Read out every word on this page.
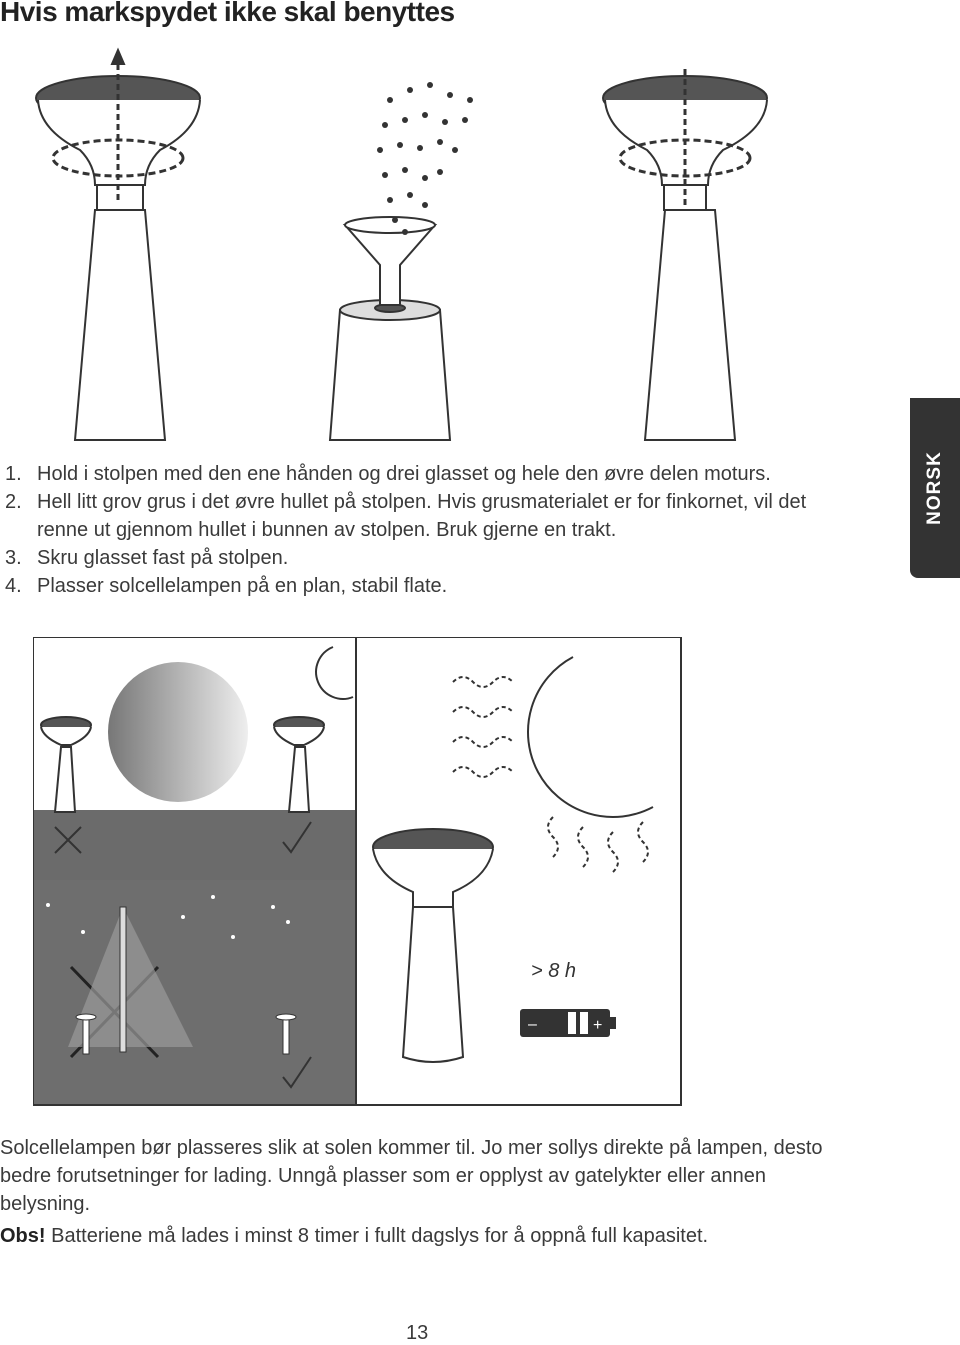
Hvis markspydet ikke skal benyttes
1. Hold i stolpen med den ene hånden og drei glasset og hele den øvre delen moturs.
2. Hell litt grov grus i det øvre hullet på stolpen. Hvis grusmaterialet er for finkornet, vil det renne ut gjennom hullet i bunnen av stolpen. Bruk gjerne en trakt.
3. Skru glasset fast på stolpen.
4. Plasser solcellelampen på en plan, stabil flate.
NORSK
–	+
> 8 h

Solcellelampen bør plasseres slik at solen kommer til. Jo mer sollys direkte på lampen, desto bedre forutsetninger for lading. Unngå plasser som er opplyst av gatelykter eller annen belysning.

Obs! Batteriene må lades i minst 8 timer i fullt dagslys for å oppnå full kapasitet.

13
